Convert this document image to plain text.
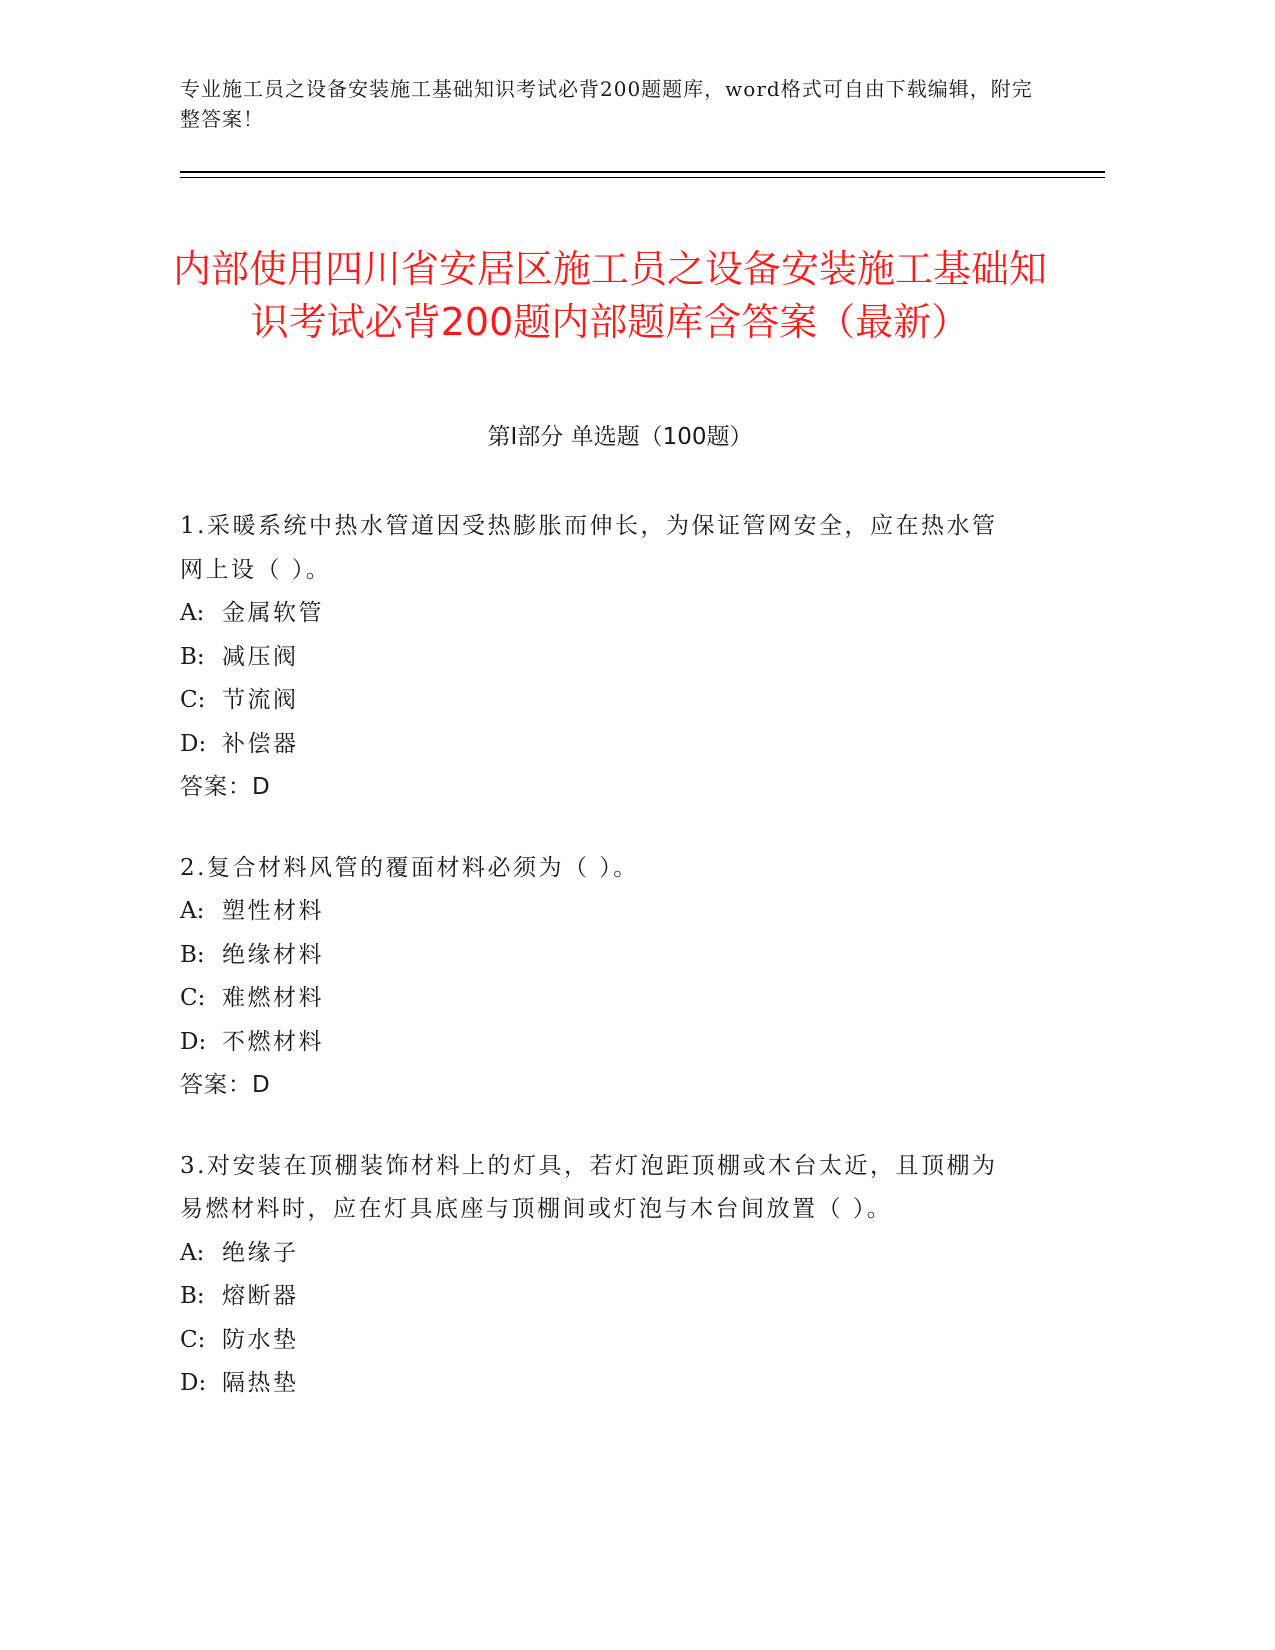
专业施工员之设备安装施工基础知识考试必背200题题库，word格式可自由下载编辑，附完整答案！
内部使用四川省安居区施工员之设备安装施工基础知识考试必背200题内部题库含答案（最新）
第I部分 单选题（100题）

1.采暖系统中热水管道因受热膨胀而伸长，为保证管网安全，应在热水管网上设（ ）。

A: 金属软管

B: 减压阀

C: 节流阀

D: 补偿器

答案：D

2.复合材料风管的覆面材料必须为（ ）。

A: 塑性材料

B: 绝缘材料

C: 难燃材料

D: 不燃材料

答案：D

3.对安装在顶棚装饰材料上的灯具，若灯泡距顶棚或木台太近，且顶棚为易燃材料时，应在灯具底座与顶棚间或灯泡与木台间放置（ ）。

A: 绝缘子

B: 熔断器

C: 防水垫

D: 隔热垫
